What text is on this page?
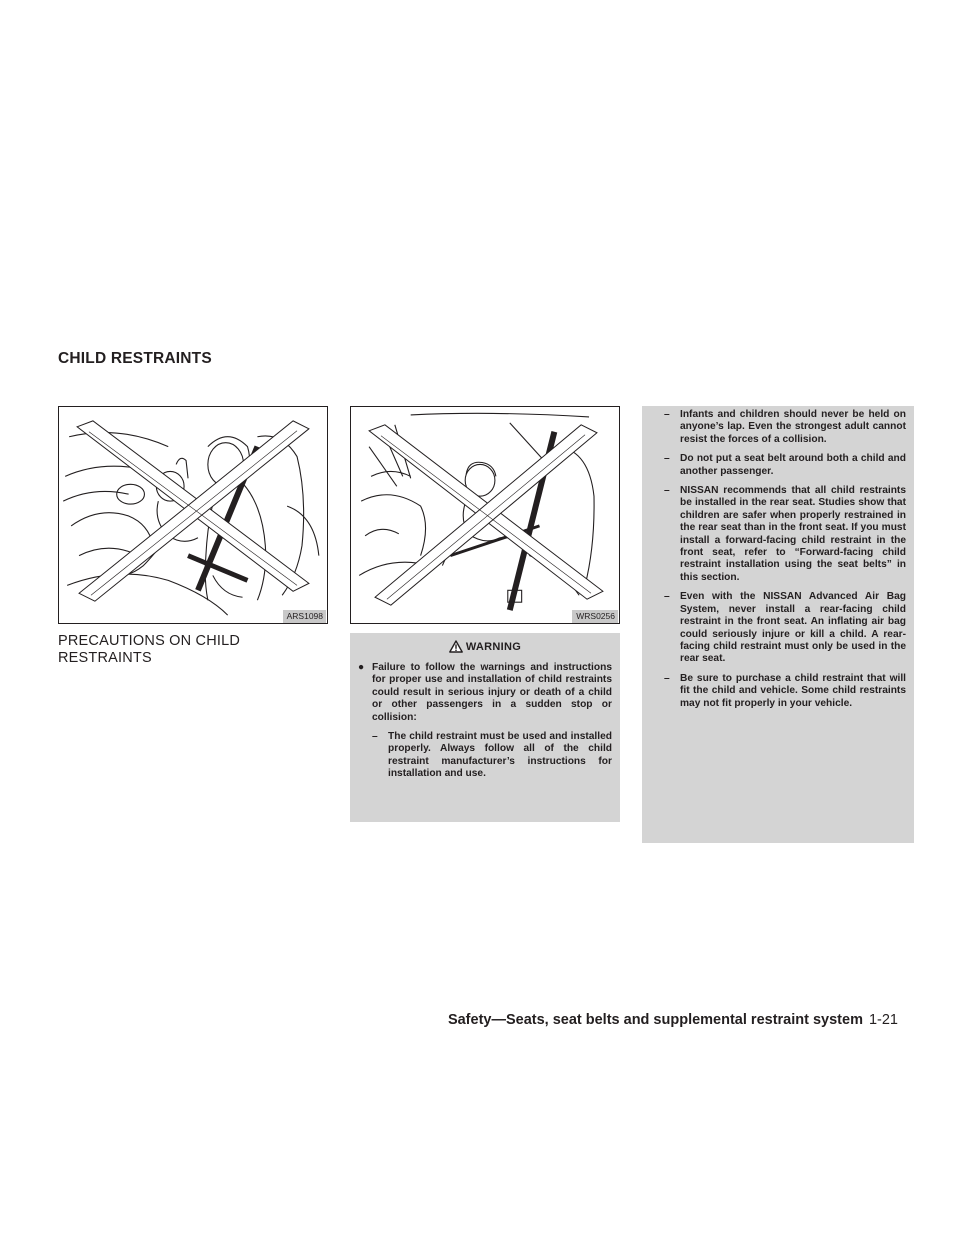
CHILD RESTRAINTS
ARS1098	WRS0256
PRECAUTIONS ON CHILD RESTRAINTS
WARNING
● Failure to follow the warnings and instructions for proper use and installation of child restraints could result in serious injury or death of a child or other passengers in a sudden stop or collision:
–	The child restraint must be used and installed properly. Always follow all of the child restraint manufacturer’s instructions for installation and use.
–	Infants and children should never be held on anyone’s lap. Even the strongest adult cannot resist the forces of a collision.
–	Do not put a seat belt around both a child and another passenger.
–	NISSAN recommends that all child restraints be installed in the rear seat. Studies show that children are safer when properly restrained in the rear seat than in the front seat. If you must install a forward-facing child restraint in the front seat, refer to “Forward-facing child restraint installation using the seat belts” in this section.
–	Even with the NISSAN Advanced Air Bag System, never install a rear-facing child restraint in the front seat. An inflating air bag could seriously injure or kill a child. A rear-facing child restraint must only be used in the rear seat.
–	Be sure to purchase a child restraint that will fit the child and vehicle. Some child restraints may not fit properly in your vehicle.
Safety—Seats, seat belts and supplemental restraint system 1-21
